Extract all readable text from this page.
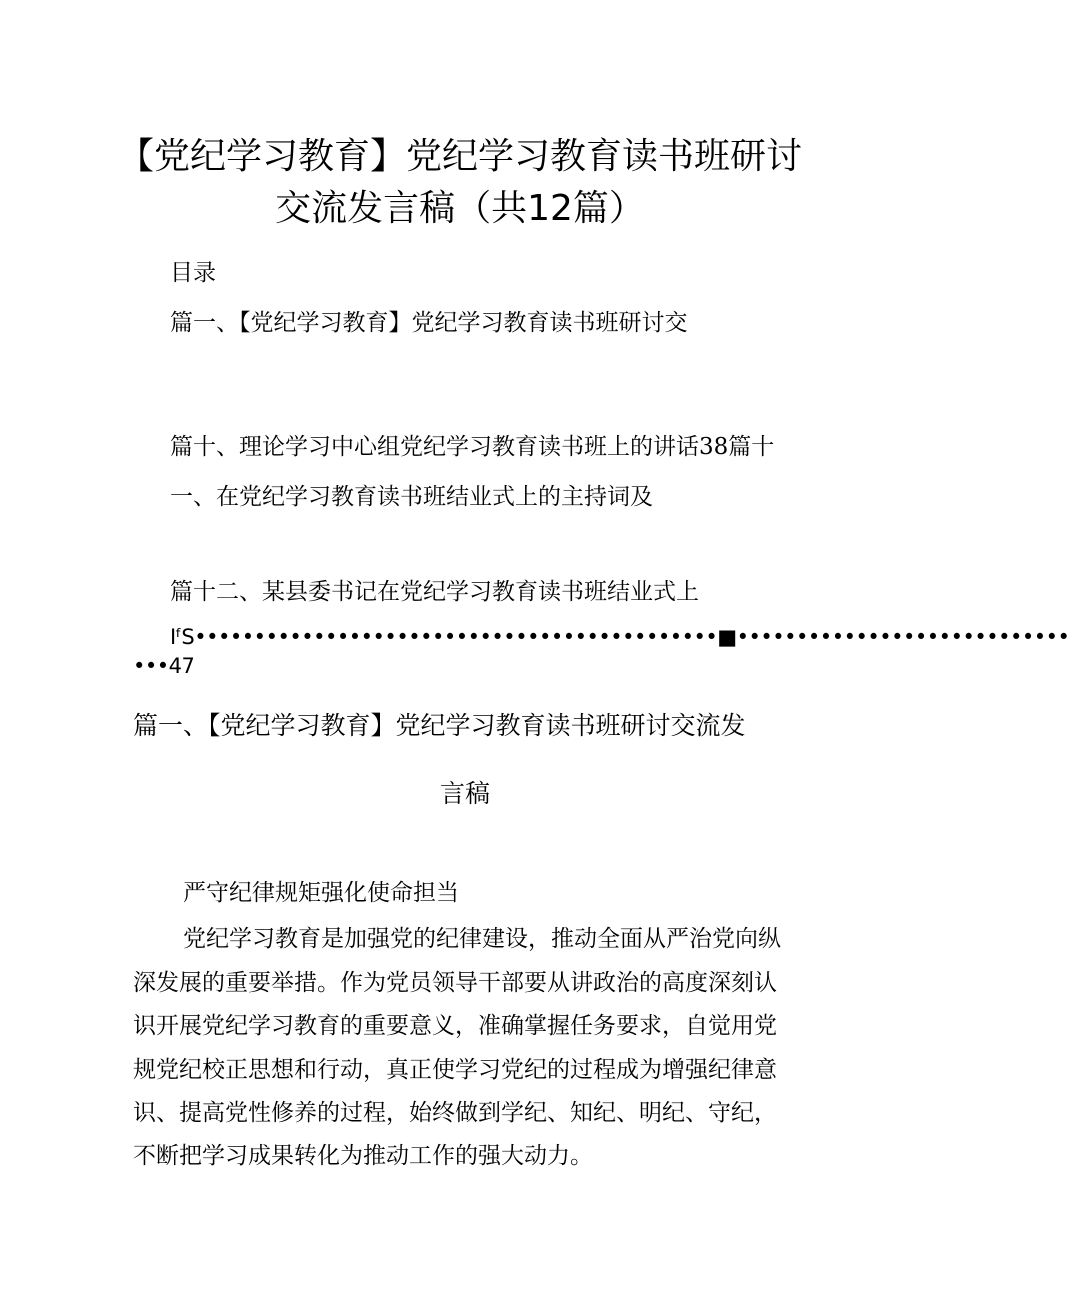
【党纪学习教育】党纪学习教育读书班研讨
交流发言稿（共12篇）
目录
篇一、【党纪学习教育】党纪学习教育读书班研讨交
篇十、理论学习中心组党纪学习教育读书班上的讲话38篇十
一、在党纪学习教育读书班结业式上的主持词及
篇十二、某县委书记在党纪学习教育读书班结业式上
IᶠS••••••••••••••••••••••••••••••••••••••••••••■••••••••••••••••••••••••••••
•••47
篇一、【党纪学习教育】党纪学习教育读书班研讨交流发
言稿
严守纪律规矩强化使命担当
党纪学习教育是加强党的纪律建设，推动全面从严治党向纵
深发展的重要举措。作为党员领导干部要从讲政治的高度深刻认
识开展党纪学习教育的重要意义，准确掌握任务要求，自觉用党
规党纪校正思想和行动，真正使学习党纪的过程成为增强纪律意
识、提高党性修养的过程，始终做到学纪、知纪、明纪、守纪，
不断把学习成果转化为推动工作的强大动力。
